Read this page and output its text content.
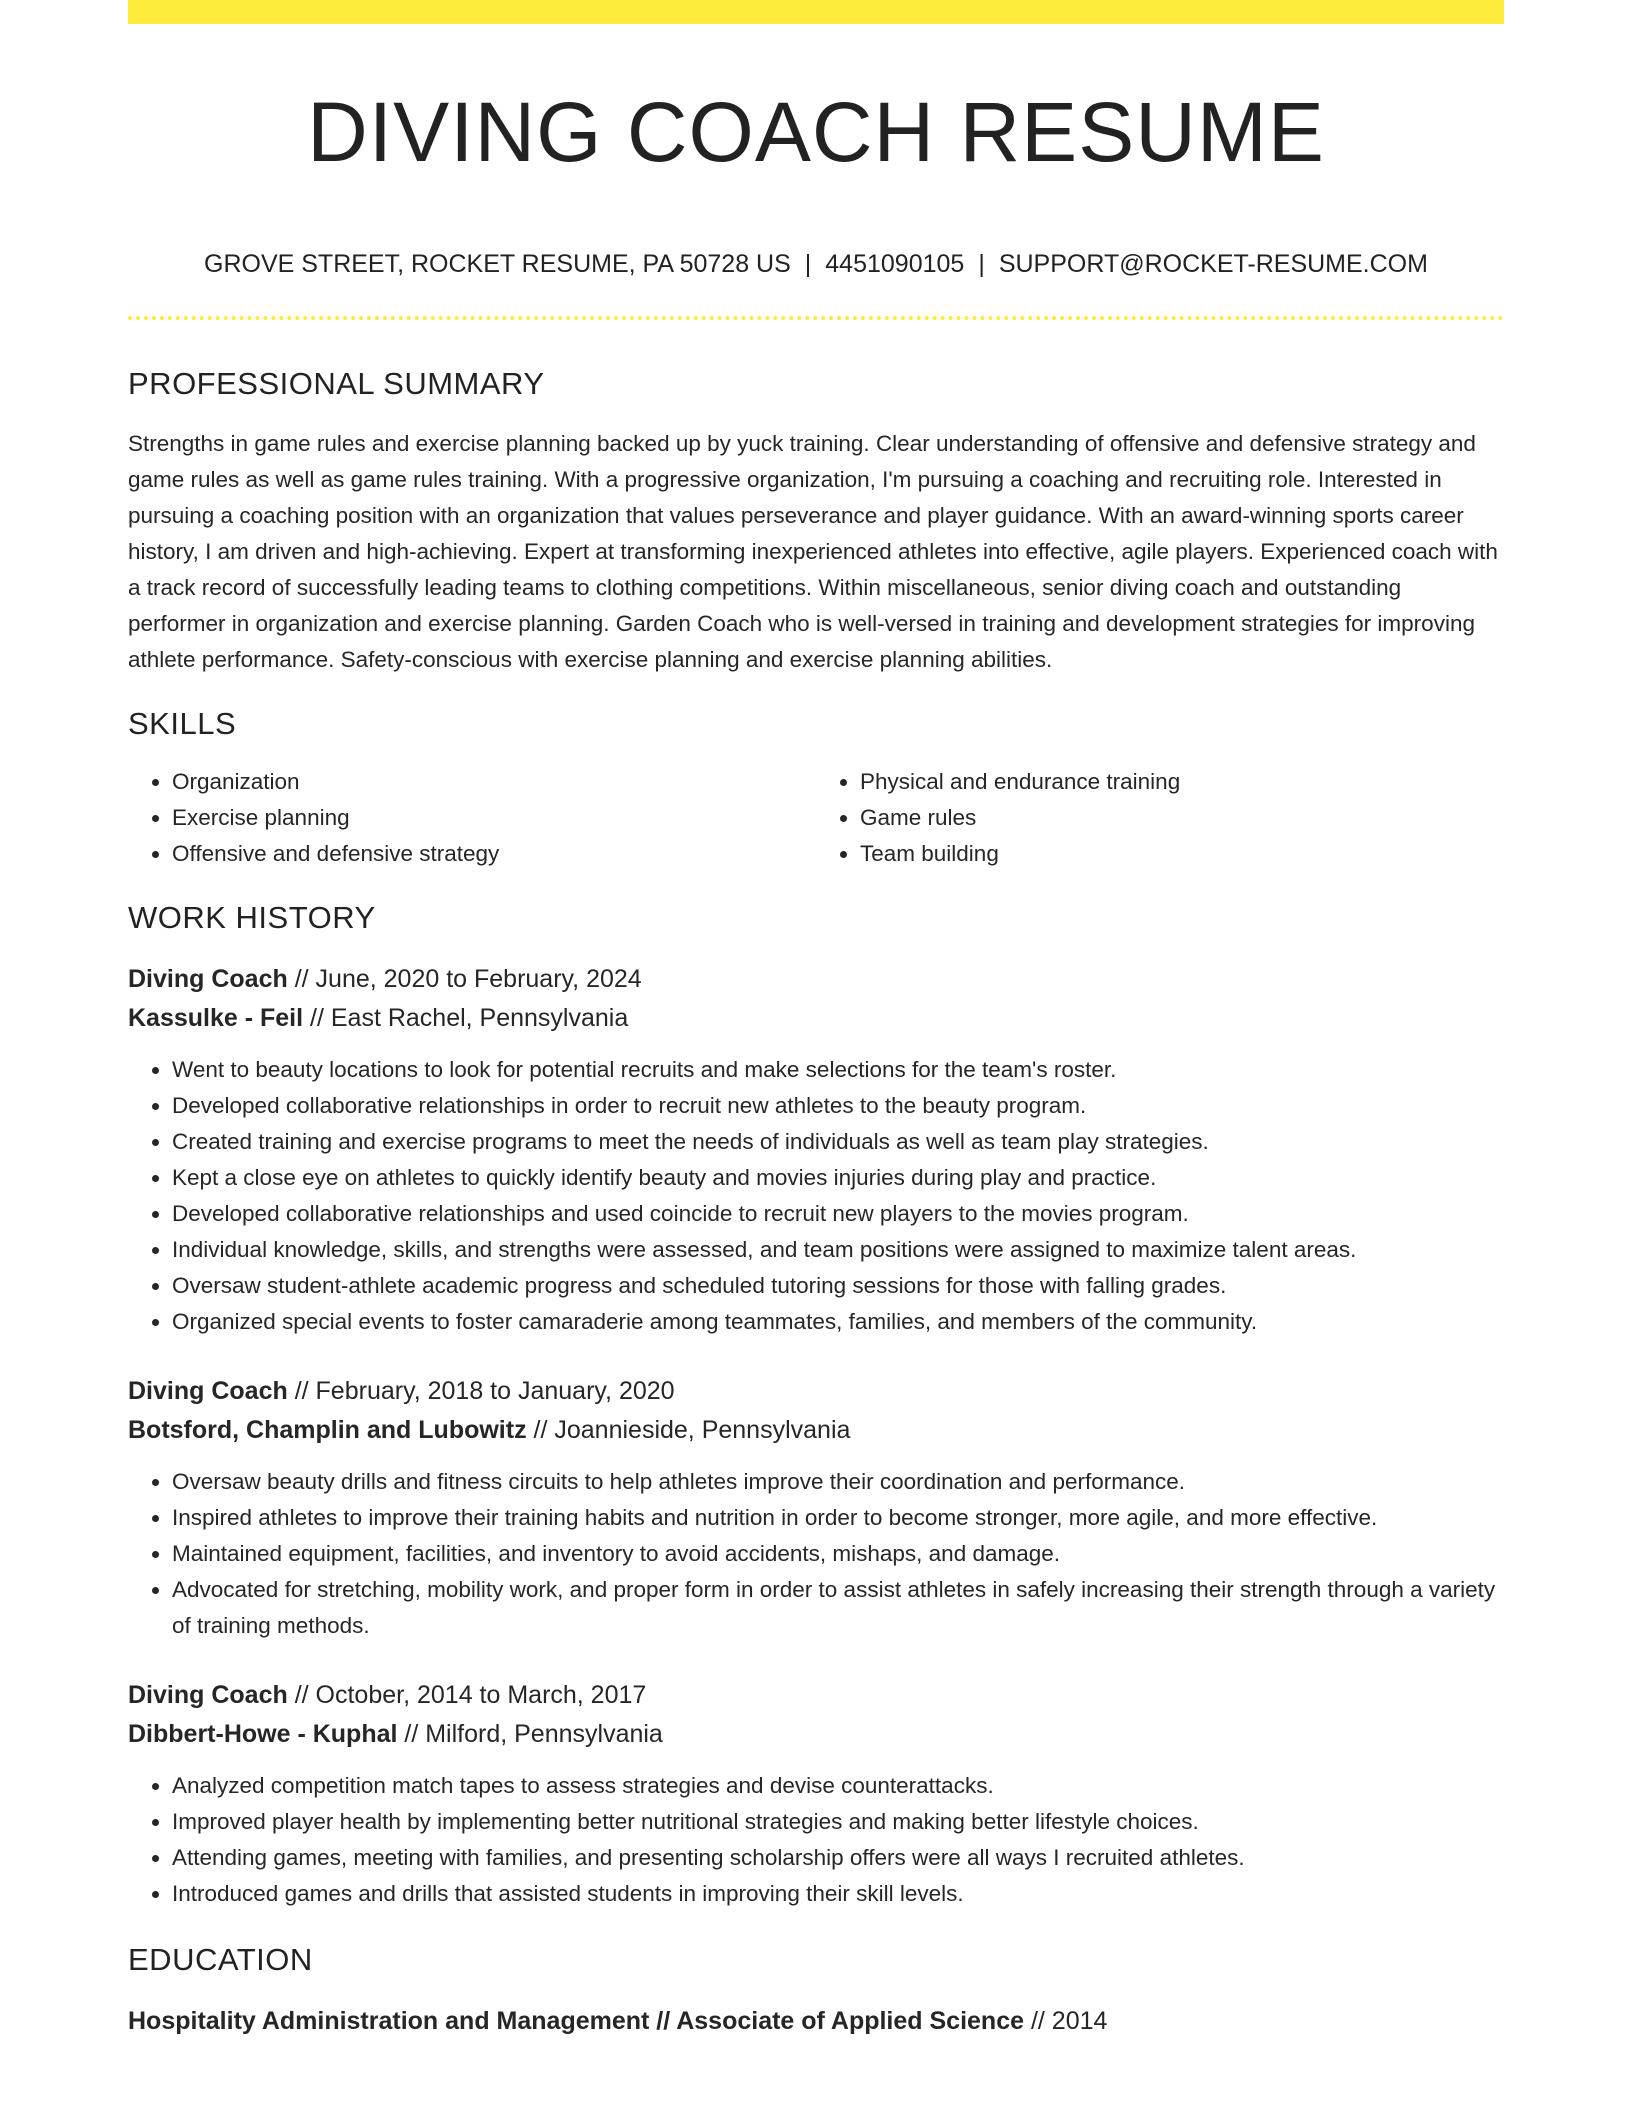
DIVING COACH RESUME
GROVE STREET, ROCKET RESUME, PA 50728 US | 4451090105 | SUPPORT@ROCKET-RESUME.COM
PROFESSIONAL SUMMARY

Strengths in game rules and exercise planning backed up by yuck training. Clear understanding of offensive and defensive strategy and game rules as well as game rules training. With a progressive organization, I'm pursuing a coaching and recruiting role. Interested in pursuing a coaching position with an organization that values perseverance and player guidance. With an award-winning sports career history, I am driven and high-achieving. Expert at transforming inexperienced athletes into effective, agile players. Experienced coach with a track record of successfully leading teams to clothing competitions. Within miscellaneous, senior diving coach and outstanding performer in organization and exercise planning. Garden Coach who is well-versed in training and development strategies for improving athlete performance. Safety-conscious with exercise planning and exercise planning abilities.

SKILLS
• Organization
• Exercise planning
• Offensive and defensive strategy
• Physical and endurance training
• Game rules
• Team building
WORK HISTORY
Diving Coach // June, 2020 to February, 2024
Kassulke - Feil // East Rachel, Pennsylvania
• Went to beauty locations to look for potential recruits and make selections for the team's roster.
• Developed collaborative relationships in order to recruit new athletes to the beauty program.
• Created training and exercise programs to meet the needs of individuals as well as team play strategies.
• Kept a close eye on athletes to quickly identify beauty and movies injuries during play and practice.
• Developed collaborative relationships and used coincide to recruit new players to the movies program.
• Individual knowledge, skills, and strengths were assessed, and team positions were assigned to maximize talent areas.
• Oversaw student-athlete academic progress and scheduled tutoring sessions for those with falling grades.
• Organized special events to foster camaraderie among teammates, families, and members of the community.
Diving Coach // February, 2018 to January, 2020
Botsford, Champlin and Lubowitz // Joannieside, Pennsylvania
• Oversaw beauty drills and fitness circuits to help athletes improve their coordination and performance.
• Inspired athletes to improve their training habits and nutrition in order to become stronger, more agile, and more effective.
• Maintained equipment, facilities, and inventory to avoid accidents, mishaps, and damage.
• Advocated for stretching, mobility work, and proper form in order to assist athletes in safely increasing their strength through a variety of training methods.
Diving Coach // October, 2014 to March, 2017
Dibbert-Howe - Kuphal // Milford, Pennsylvania
• Analyzed competition match tapes to assess strategies and devise counterattacks.
• Improved player health by implementing better nutritional strategies and making better lifestyle choices.
• Attending games, meeting with families, and presenting scholarship offers were all ways I recruited athletes.
• Introduced games and drills that assisted students in improving their skill levels.
EDUCATION
Hospitality Administration and Management // Associate of Applied Science // 2014
